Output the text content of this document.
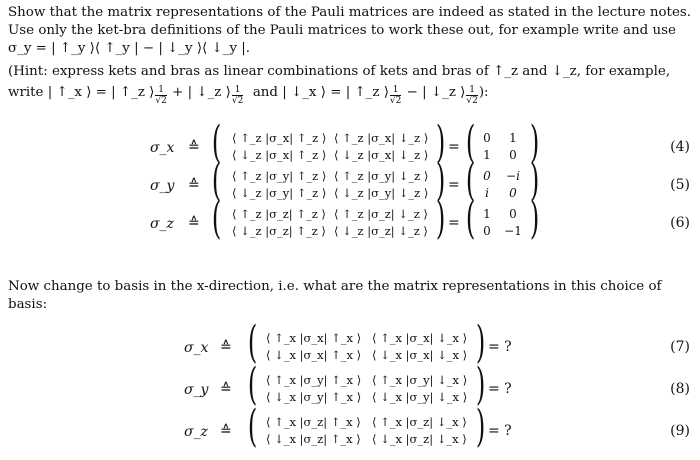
Show that the matrix representations of the Pauli matrices are indeed as stated in the lecture notes.
Use only the ket-bra definitions of the Pauli matrices to work these out, for example write and use
σ_y = | ↑_y ⟩⟨ ↑_y | − | ↓_y ⟩⟨ ↓_y |.
(Hint: express kets and bras as linear combinations of kets and bras of ↑_z and ↓_z, for example,
write | ↑_x ⟩ = | ↑_z ⟩ $\frac{1}{√2}$ + | ↓_z ⟩ $\frac{1}{√2}$ and | ↓_x ⟩ = | ↑_z ⟩ $\frac{1}{√2}$ − | ↓_z ⟩ $\frac{1}{√2}$ ):
σ_x ≙ ( ⟨ ↑_z |σ_x| ↑_z ⟩ ⟨ ↑_z |σ_x| ↓_z ⟩
⟨ ↓_z |σ_x| ↑_z ⟩ ⟨ ↓_z |σ_x| ↓_z ⟩ ) = ( 0	1
1	0 )	(4)
σ_y ≙ ( ⟨ ↑_z |σ_y| ↑_z ⟩ ⟨ ↑_z |σ_y| ↓_z ⟩
⟨ ↓_z |σ_y| ↑_z ⟩ ⟨ ↓_z |σ_y| ↓_z ⟩ ) = ( 0	−i
i	0 )	(5)
σ_z ≙ ( ⟨ ↑_z |σ_z| ↑_z ⟩ ⟨ ↑_z |σ_z| ↓_z ⟩
⟨ ↓_z |σ_z| ↑_z ⟩ ⟨ ↓_z |σ_z| ↓_z ⟩ ) = ( 1	0
0	−1 )	(6)
Now change to basis in the x-direction, i.e. what are the matrix representations in this choice of
basis:
σ_x ≙ ( ⟨ ↑_x |σ_x| ↑_x ⟩ ⟨ ↑_x |σ_x| ↓_x ⟩
⟨ ↓_x |σ_x| ↑_x ⟩ ⟨ ↓_x |σ_x| ↓_x ⟩ ) = ?	(7)
σ_y ≙ ( ⟨ ↑_x |σ_y| ↑_x ⟩ ⟨ ↑_x |σ_y| ↓_x ⟩
⟨ ↓_x |σ_y| ↑_x ⟩ ⟨ ↓_x |σ_y| ↓_x ⟩ ) = ?	(8)
σ_z ≙ ( ⟨ ↑_x |σ_z| ↑_x ⟩ ⟨ ↑_x |σ_z| ↓_x ⟩
⟨ ↓_x |σ_z| ↑_x ⟩ ⟨ ↓_x |σ_z| ↓_x ⟩ ) = ?	(9)
